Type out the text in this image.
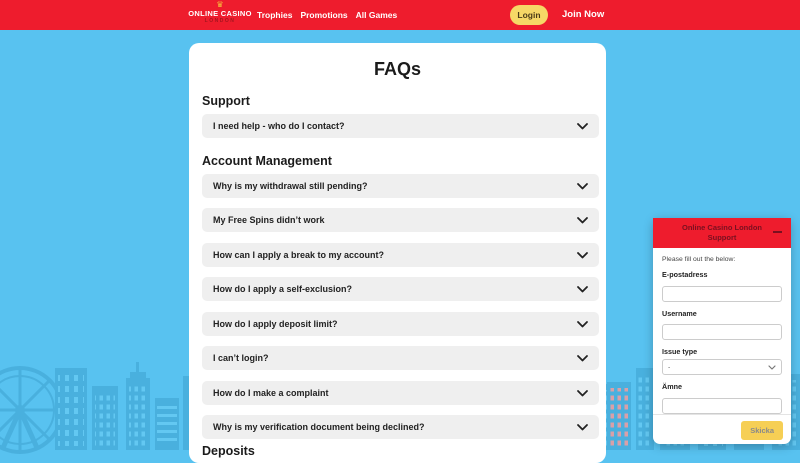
♛
ONLINE CASINO
LONDON
Trophies Promotions All Games	Login	Join Now
FAQs
Support
I need help - who do I contact?
Account Management
Why is my withdrawal still pending?
My Free Spins didn’t work
How can I apply a break to my account?
How do I apply a self-exclusion?
How do I apply deposit limit?
I can’t login?
How do I make a complaint
Why is my verification document being declined?
Deposits
Online Casino London
Support
Please fill out the below:
E-postadress
Username
Issue type
-
Ämne
Skicka
